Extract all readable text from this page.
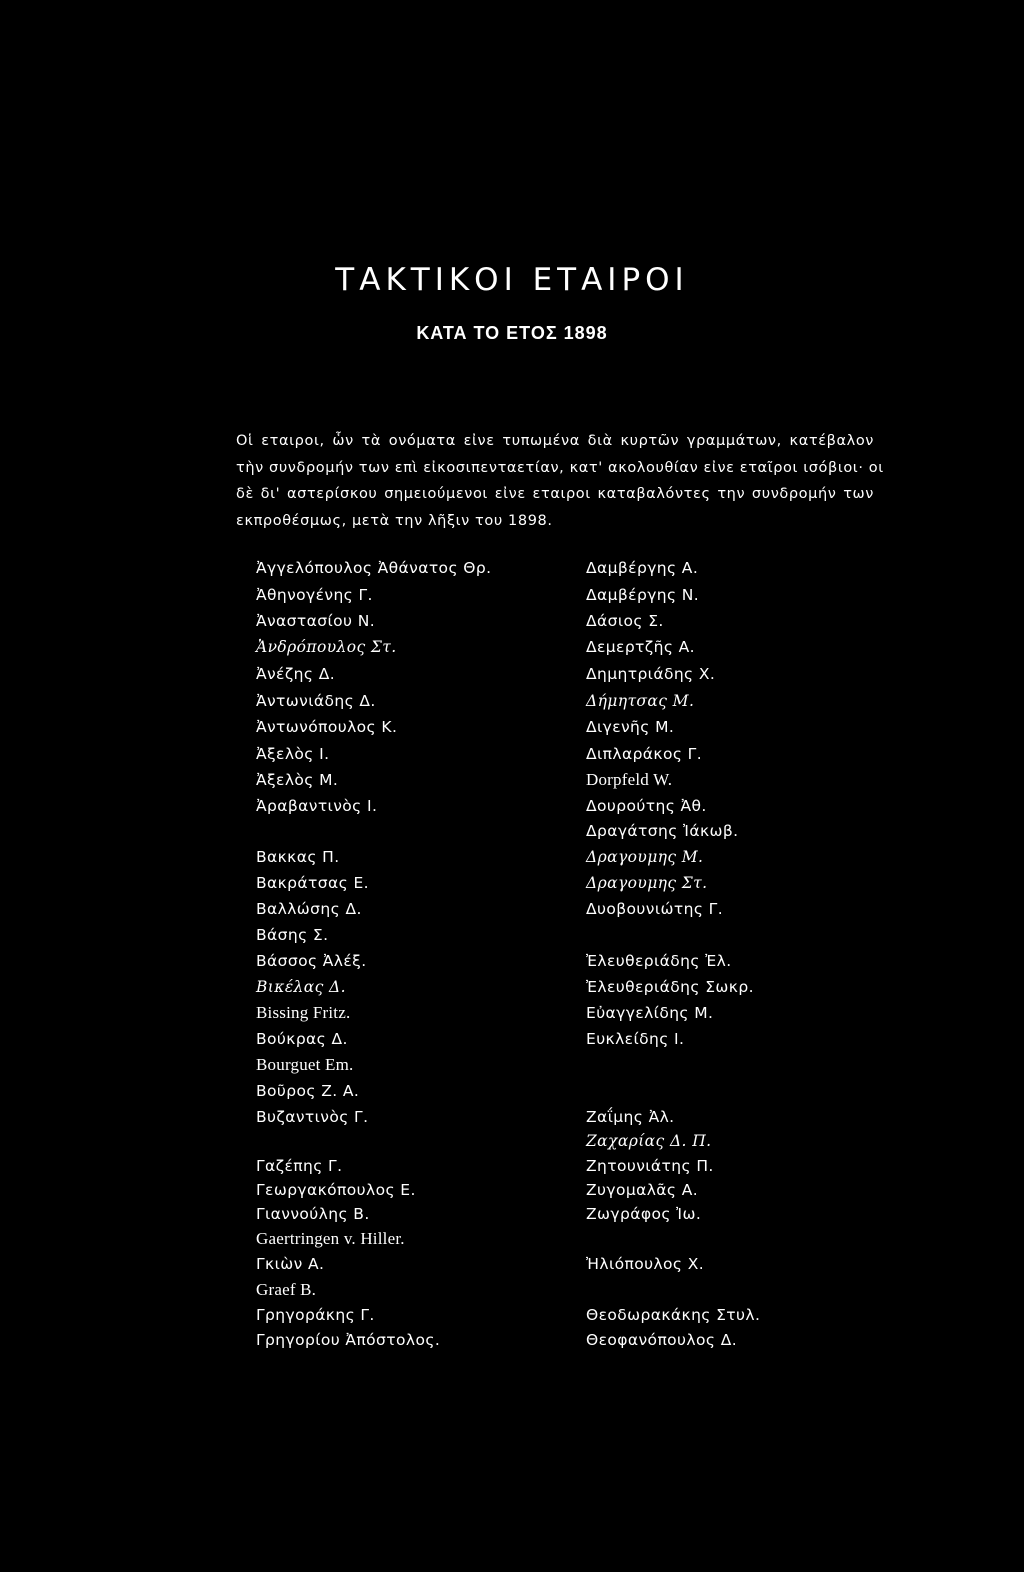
ΤΑΚΤΙΚΟΙ ΕΤΑΙΡΟΙ
ΚΑΤΑ ΤΟ ΕΤΟΣ 1898
Οἱ εταιροι, ὧν τὰ ονόματα εἰνε τυπωμένα διὰ κυρτῶν γραμμάτων, κατέβαλον
τὴν συνδρομήν των επὶ εἰκοσιπενταετίαν, κατ' ακολουθίαν εἰνε εταῖροι ισόβιοι· οι
δὲ δι' αστερίσκου σημειούμενοι εἰνε εταιροι καταβαλόντες την συνδρομήν των
εκπροθέσμως, μετὰ την λῆξιν του 1898.
Ἀγγελόπουλος Ἀθάνατος Θρ.
Ἀθηνογένης Γ.
Ἀναστασίου Ν.
Ἀνδρόπουλος Στ.
Ἀνέζης Δ.
Ἀντωνιάδης Δ.
Ἀντωνόπουλος Κ.
Ἀξελὸς Ι.
Ἀξελὸς Μ.
Ἀραβαντινὸς Ι.
Βακκας Π.
Βακράτσας Ε.
Βαλλώσης Δ.
Βάσης Σ.
Βάσσος Ἀλέξ.
Βικέλας Δ.
Bissing Fritz.
Βούκρας Δ.
Bourguet Em.
Βοῦρος Ζ. Α.
Βυζαντινὸς Γ.
Γαζέπης Γ.
Γεωργακόπουλος Ε.
Γιαννούλης Β.
Gaertringen v. Hiller.
Γκιὼν Α.
Graef B.
Γρηγοράκης Γ.
Γρηγορίου Ἀπόστολος.
Δαμβέργης Α.
Δαμβέργης Ν.
Δάσιος Σ.
Δεμερτζῆς Α.
Δημητριάδης Χ.
Δήμητσας Μ.
Διγενῆς Μ.
Διπλαράκος Γ.
Dorpfeld W.
Δουρούτης Ἀθ.
Δραγάτσης Ἰάκωβ.
Δραγουμης Μ.
Δραγουμης Στ.
Δυοβουνιώτης Γ.
Ἐλευθεριάδης Ἐλ.
Ἐλευθεριάδης Σωκρ.
Εὐαγγελίδης Μ.
Ευκλείδης Ι.
Ζαΐμης Ἀλ.
Ζαχαρίας Δ. Π.
Ζητουνιάτης Π.
Ζυγομαλᾶς Α.
Ζωγράφος Ἰω.
Ἠλιόπουλος Χ.
Θεοδωρακάκης Στυλ.
Θεοφανόπουλος Δ.
